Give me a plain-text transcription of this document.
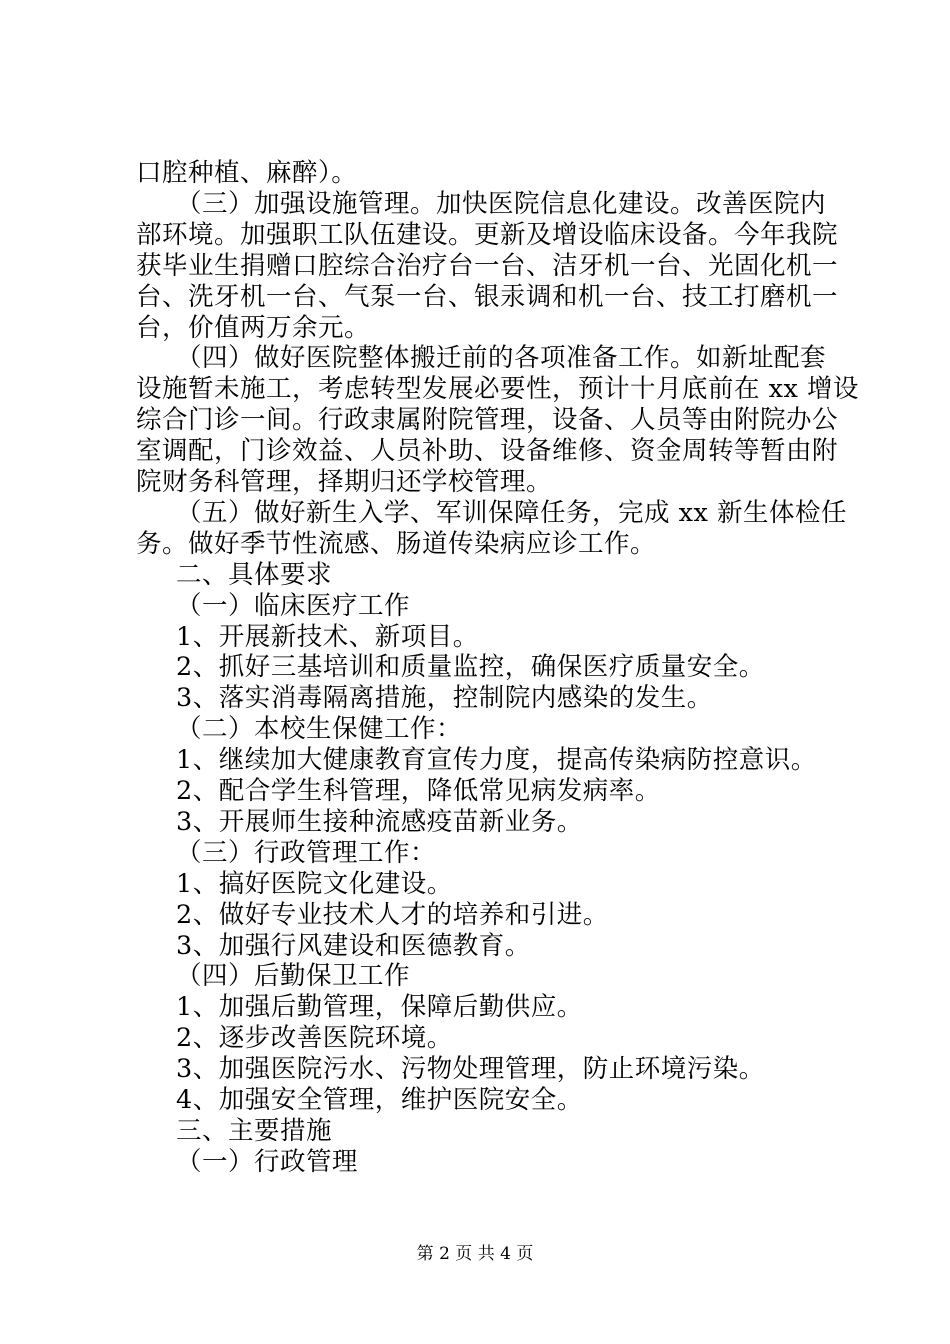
口腔种植、麻醉）。
（三）加强设施管理。加快医院信息化建设。改善医院内
部环境。加强职工队伍建设。更新及增设临床设备。今年我院
获毕业生捐赠口腔综合治疗台一台、洁牙机一台、光固化机一
台、洗牙机一台、气泵一台、银汞调和机一台、技工打磨机一
台，价值两万余元。
（四）做好医院整体搬迁前的各项准备工作。如新址配套
设施暂未施工，考虑转型发展必要性，预计十月底前在 xx 增设
综合门诊一间。行政隶属附院管理，设备、人员等由附院办公
室调配，门诊效益、人员补助、设备维修、资金周转等暂由附
院财务科管理，择期归还学校管理。
（五）做好新生入学、军训保障任务，完成 xx 新生体检任
务。做好季节性流感、肠道传染病应诊工作。
二、具体要求
（一）临床医疗工作
1、开展新技术、新项目。
2、抓好三基培训和质量监控，确保医疗质量安全。
3、落实消毒隔离措施，控制院内感染的发生。
（二）本校生保健工作：
1、继续加大健康教育宣传力度，提高传染病防控意识。
2、配合学生科管理，降低常见病发病率。
3、开展师生接种流感疫苗新业务。
（三）行政管理工作：
1、搞好医院文化建设。
2、做好专业技术人才的培养和引进。
3、加强行风建设和医德教育。
（四）后勤保卫工作
1、加强后勤管理，保障后勤供应。
2、逐步改善医院环境。
3、加强医院污水、污物处理管理，防止环境污染。
4、加强安全管理，维护医院安全。
三、主要措施
（一）行政管理
第 2 页 共 4 页
